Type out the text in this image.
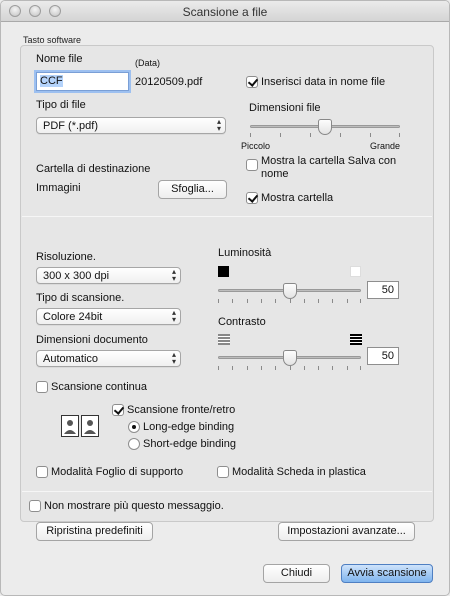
Scansione a file
Tasto software
Nome file	(Data)
CCF	20120509.pdf	Inserisci data in nome file
Tipo di file
PDF (*.pdf)	▴
▾
Dimensioni file
Piccolo	Grande
Cartella di destinazione
Immagini	Sfoglia...
Mostra la cartella Salva con nome
Mostra cartella
Risoluzione.
300 x 300 dpi	▴
▾
Tipo di scansione.
Colore 24bit	▴
▾
Dimensioni documento
Automatico	▴
▾
Luminosità
50
Contrasto
50
Scansione continua
Scansione fronte/retro
Long-edge binding
Short-edge binding
Modalità Foglio di supporto	Modalità Scheda in plastica
Non mostrare più questo messaggio.
Ripristina predefiniti	Impostazioni avanzate...
Chiudi	Avvia scansione
